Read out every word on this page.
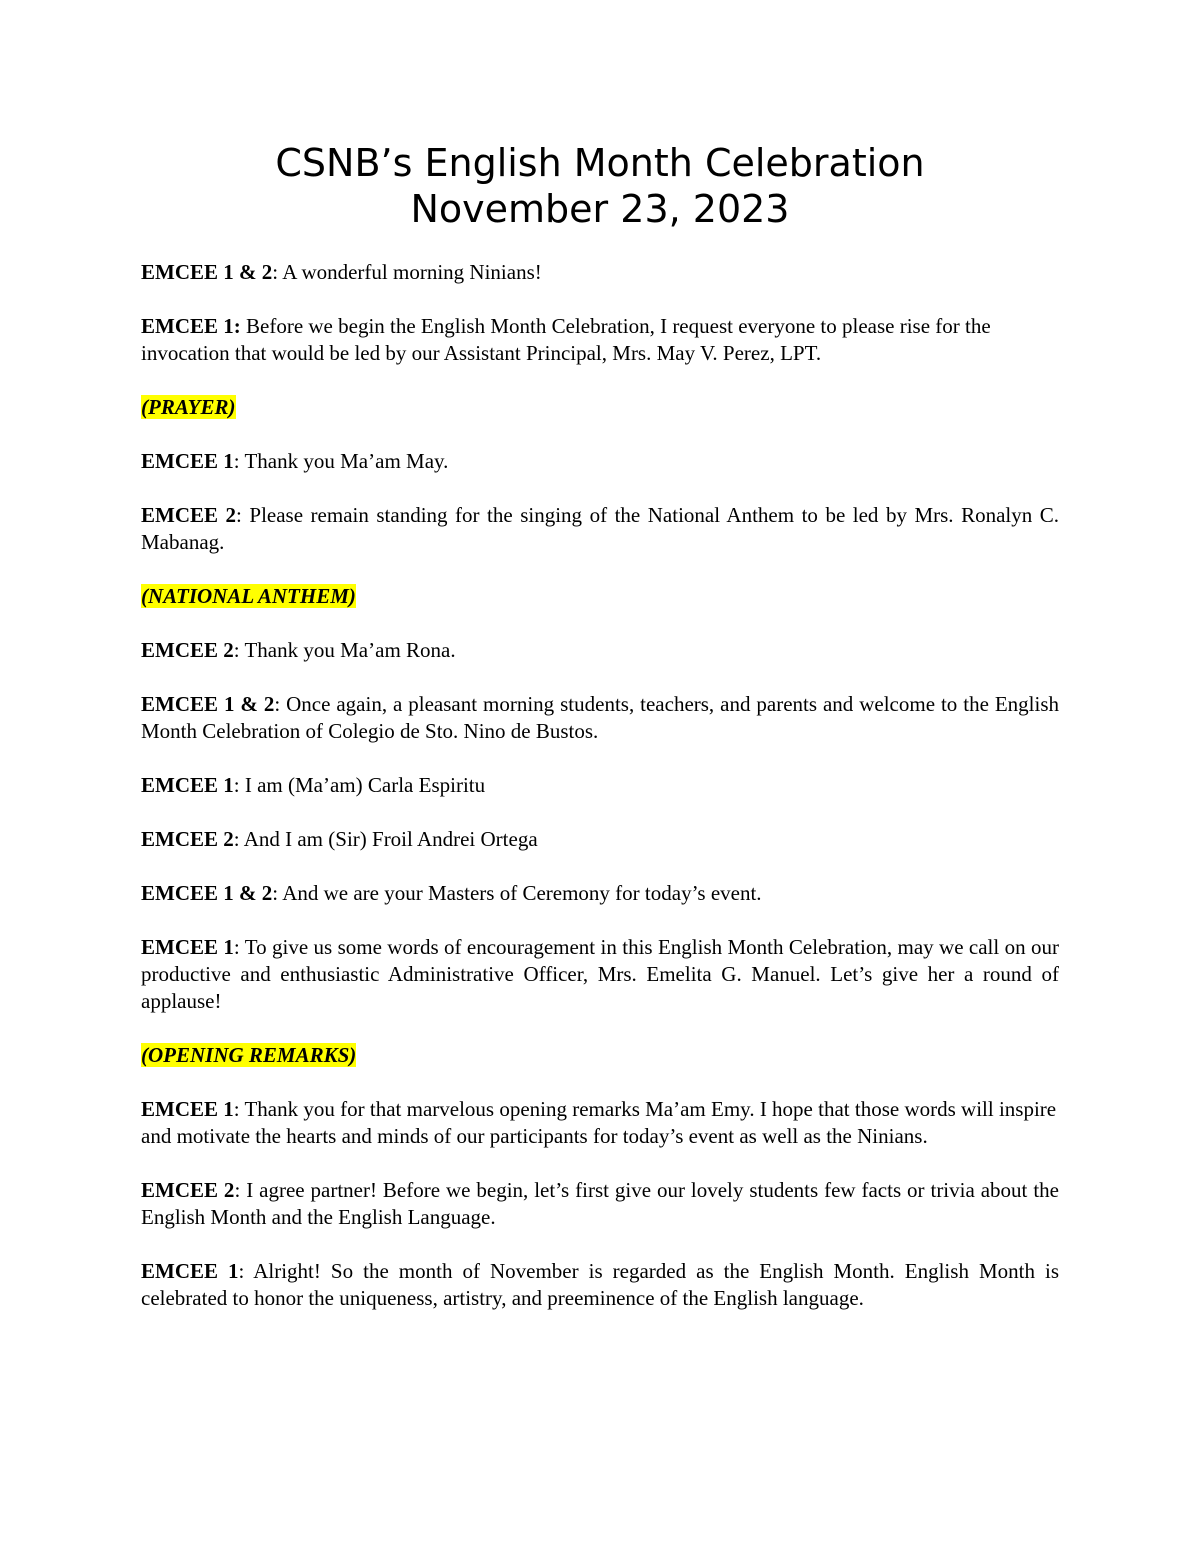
CSNB’s English Month Celebration
November 23, 2023

EMCEE 1 & 2: A wonderful morning Ninians!

EMCEE 1: Before we begin the English Month Celebration, I request everyone to please rise for the invocation that would be led by our Assistant Principal, Mrs. May V. Perez, LPT.

(PRAYER)

EMCEE 1: Thank you Ma’am May.

EMCEE 2: Please remain standing for the singing of the National Anthem to be led by Mrs. Ronalyn C. Mabanag.

(NATIONAL ANTHEM)

EMCEE 2: Thank you Ma’am Rona.

EMCEE 1 & 2: Once again, a pleasant morning students, teachers, and parents and welcome to the English Month Celebration of Colegio de Sto. Nino de Bustos.

EMCEE 1: I am (Ma’am) Carla Espiritu

EMCEE 2: And I am (Sir) Froil Andrei Ortega

EMCEE 1 & 2: And we are your Masters of Ceremony for today’s event.

EMCEE 1: To give us some words of encouragement in this English Month Celebration, may we call on our productive and enthusiastic Administrative Officer, Mrs. Emelita G. Manuel. Let’s give her a round of applause!

(OPENING REMARKS)

EMCEE 1: Thank you for that marvelous opening remarks Ma’am Emy. I hope that those words will inspire and motivate the hearts and minds of our participants for today’s event as well as the Ninians.

EMCEE 2: I agree partner! Before we begin, let’s first give our lovely students few facts or trivia about the English Month and the English Language.

EMCEE 1: Alright! So the month of November is regarded as the English Month. English Month is celebrated to honor the uniqueness, artistry, and preeminence of the English language.
